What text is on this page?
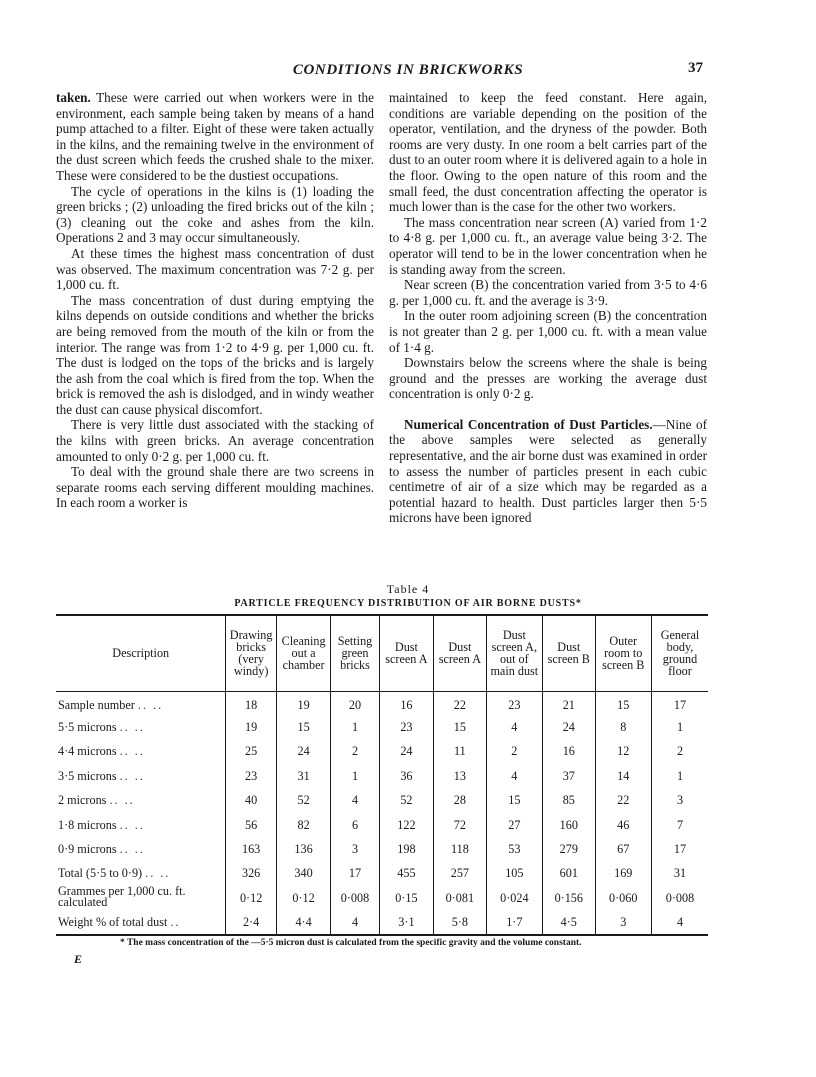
CONDITIONS IN BRICKWORKS	37

taken. These were carried out when workers were in the environment, each sample being taken by means of a hand pump attached to a filter. Eight of these were taken actually in the kilns, and the remaining twelve in the environment of the dust screen which feeds the crushed shale to the mixer. These were considered to be the dustiest occupations.

The cycle of operations in the kilns is (1) loading the green bricks ; (2) unloading the fired bricks out of the kiln ; (3) cleaning out the coke and ashes from the kiln. Operations 2 and 3 may occur simultaneously.

At these times the highest mass concentration of dust was observed. The maximum concentration was 7·2 g. per 1,000 cu. ft.

The mass concentration of dust during emptying the kilns depends on outside conditions and whether the bricks are being removed from the mouth of the kiln or from the interior. The range was from 1·2 to 4·9 g. per 1,000 cu. ft. The dust is lodged on the tops of the bricks and is largely the ash from the coal which is fired from the top. When the brick is removed the ash is dislodged, and in windy weather the dust can cause physical discomfort.

There is very little dust associated with the stacking of the kilns with green bricks. An average concentration amounted to only 0·2 g. per 1,000 cu. ft.

To deal with the ground shale there are two screens in separate rooms each serving different moulding machines. In each room a worker is

maintained to keep the feed constant. Here again, conditions are variable depending on the position of the operator, ventilation, and the dryness of the powder. Both rooms are very dusty. In one room a belt carries part of the dust to an outer room where it is delivered again to a hole in the floor. Owing to the open nature of this room and the small feed, the dust concentration affecting the operator is much lower than is the case for the other two workers.

The mass concentration near screen (A) varied from 1·2 to 4·8 g. per 1,000 cu. ft., an average value being 3·2. The operator will tend to be in the lower concentration when he is standing away from the screen.

Near screen (B) the concentration varied from 3·5 to 4·6 g. per 1,000 cu. ft. and the average is 3·9.

In the outer room adjoining screen (B) the concentration is not greater than 2 g. per 1,000 cu. ft. with a mean value of 1·4 g.

Downstairs below the screens where the shale is being ground and the presses are working the average dust concentration is only 0·2 g.

Numerical Concentration of Dust Particles.—Nine of the above samples were selected as generally representative, and the air borne dust was examined in order to assess the number of particles present in each cubic centimetre of air of a size which may be regarded as a potential hazard to health. Dust particles larger then 5·5 microns have been ignored

Table 4
PARTICLE FREQUENCY DISTRIBUTION OF AIR BORNE DUSTS*
Description	Drawing bricks (very windy)	Cleaning out a chamber	Setting green bricks	Dust screen A	Dust screen A	Dust screen A, out of main dust	Dust screen B	Outer room to screen B	General body, ground floor
Sample number .. ..	18	19	20	16	22	23	21	15	17
5·5 microns .. ..	19	15	1	23	15	4	24	8	1
4·4 microns .. ..	25	24	2	24	11	2	16	12	2
3·5 microns .. ..	23	31	1	36	13	4	37	14	1
2 microns .. ..	40	52	4	52	28	15	85	22	3
1·8 microns .. ..	56	82	6	122	72	27	160	46	7
0·9 microns .. ..	163	136	3	198	118	53	279	67	17
Total (5·5 to 0·9) .. ..	326	340	17	455	257	105	601	169	31
Grammes per 1,000 cu. ft. calculated	0·12	0·12	0·008	0·15	0·081	0·024	0·156	0·060	0·008
Weight % of total dust ..	2·4	4·4	4	3·1	5·8	1·7	4·5	3	4
* The mass concentration of the —5·5 micron dust is calculated from the specific gravity and the volume constant.
E
